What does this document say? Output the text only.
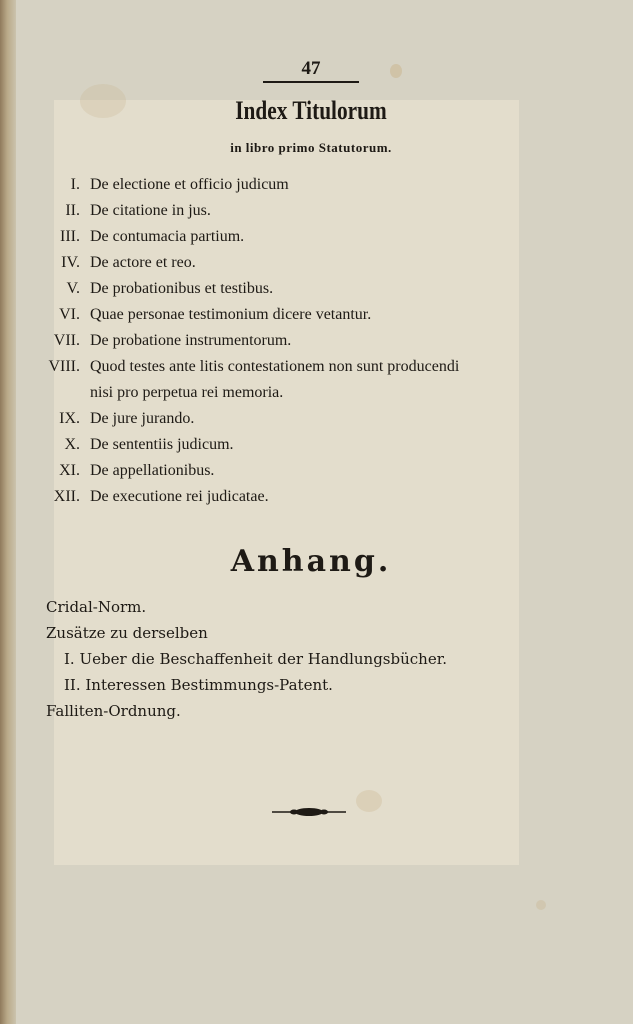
47
Index Titulorum
in libro primo Statutorum.
I. De electione et officio judicum
II. De citatione in jus.
III. De contumacia partium.
IV. De actore et reo.
V. De probationibus et testibus.
VI. Quae personae testimonium dicere vetantur.
VII. De probatione instrumentorum.
VIII. Quod testes ante litis contestationem non sunt producendi
nisi pro perpetua rei memoria.
IX. De jure jurando.
X. De sententiis judicum.
XI. De appellationibus.
XII. De executione rei judicatae.
Anhang.
Cridal-Norm.
Zusätze zu derselben
I. Ueber die Beschaffenheit der Handlungsbücher.
II. Interessen Bestimmungs-Patent.
Falliten-Ordnung.
